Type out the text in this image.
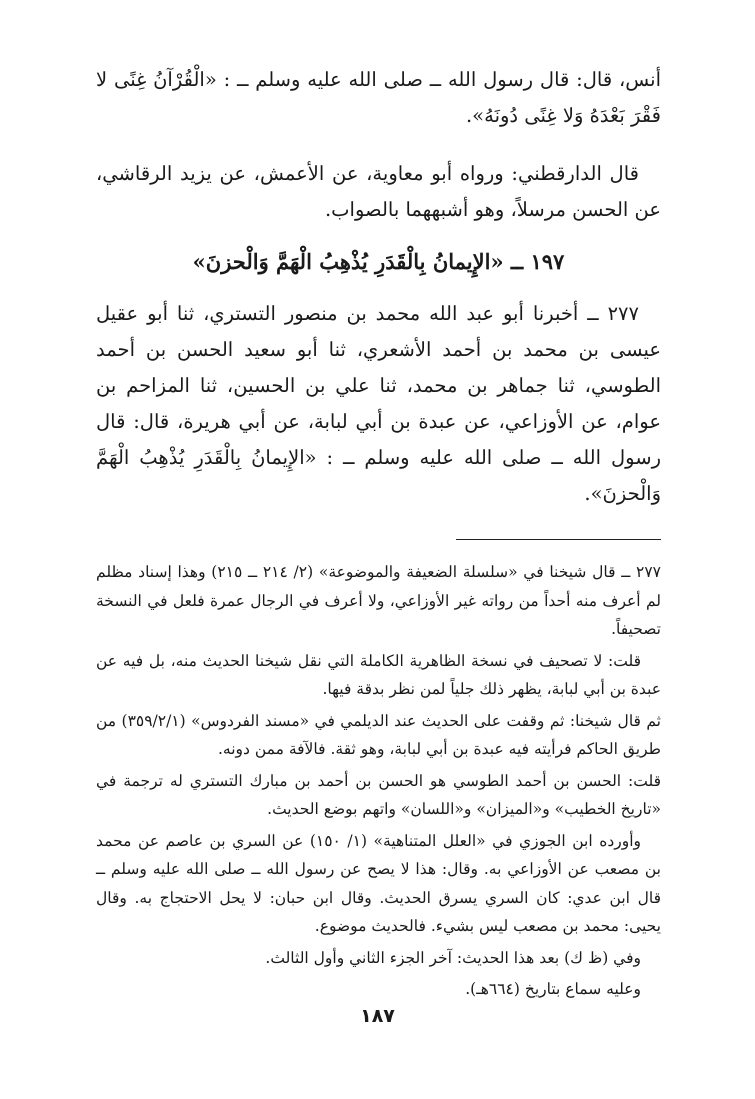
أنس، قال: قال رسول الله ــ صلى الله عليه وسلم ــ : «الْقُرْآنُ غِنًى لا فَقْرَ بَعْدَهُ وَلا غِنًى دُونَهُ».

قال الدارقطني: ورواه أبو معاوية، عن الأعمش، عن يزيد الرقاشي، عن الحسن مرسلاً، وهو أشبههما بالصواب.

١٩٧ ــ «الإِيمانُ بِالْقَدَرِ يُذْهِبُ الْهَمَّ وَالْحزنَ»

٢٧٧ ــ أخبرنا أبو عبد الله محمد بن منصور التستري، ثنا أبو عقيل عيسى بن محمد بن أحمد الأشعري، ثنا أبو سعيد الحسن بن أحمد الطوسي، ثنا جماهر بن محمد، ثنا علي بن الحسين، ثنا المزاحم بن عوام، عن الأوزاعي، عن عبدة بن أبي لبابة، عن أبي هريرة، قال: قال رسول الله ــ صلى الله عليه وسلم ــ : «الإِيمانُ بِالْقَدَرِ يُذْهِبُ الْهَمَّ وَالْحزنَ».

٢٧٧ ــ قال شيخنا في «سلسلة الضعيفة والموضوعة» (٢/ ٢١٤ ــ ٢١٥) وهذا إسناد مظلم لم أعرف منه أحداً من رواته غير الأوزاعي، ولا أعرف في الرجال عمرة فلعل في النسخة تصحيفاً.

قلت: لا تصحيف في نسخة الظاهرية الكاملة التي نقل شيخنا الحديث منه، بل فيه عن عبدة بن أبي لبابة، يظهر ذلك جلياً لمن نظر بدقة فيها.

ثم قال شيخنا: ثم وقفت على الحديث عند الديلمي في «مسند الفردوس» (٣٥٩/٢/١) من طريق الحاكم فرأيته فيه عبدة بن أبي لبابة، وهو ثقة. فالآفة ممن دونه.

قلت: الحسن بن أحمد الطوسي هو الحسن بن أحمد بن مبارك التستري له ترجمة في «تاريخ الخطيب» و«الميزان» و«اللسان» واتهم بوضع الحديث.

وأورده ابن الجوزي في «العلل المتناهية» (١/ ١٥٠) عن السري بن عاصم عن محمد بن مصعب عن الأوزاعي به. وقال: هذا لا يصح عن رسول الله ــ صلى الله عليه وسلم ــ قال ابن عدي: كان السري يسرق الحديث. وقال ابن حبان: لا يحل الاحتجاج به. وقال يحيى: محمد بن مصعب ليس بشيء. فالحديث موضوع.

وفي (ظ ك) بعد هذا الحديث: آخر الجزء الثاني وأول الثالث.

وعليه سماع بتاريخ (٦٦٤هـ).

١٨٧
